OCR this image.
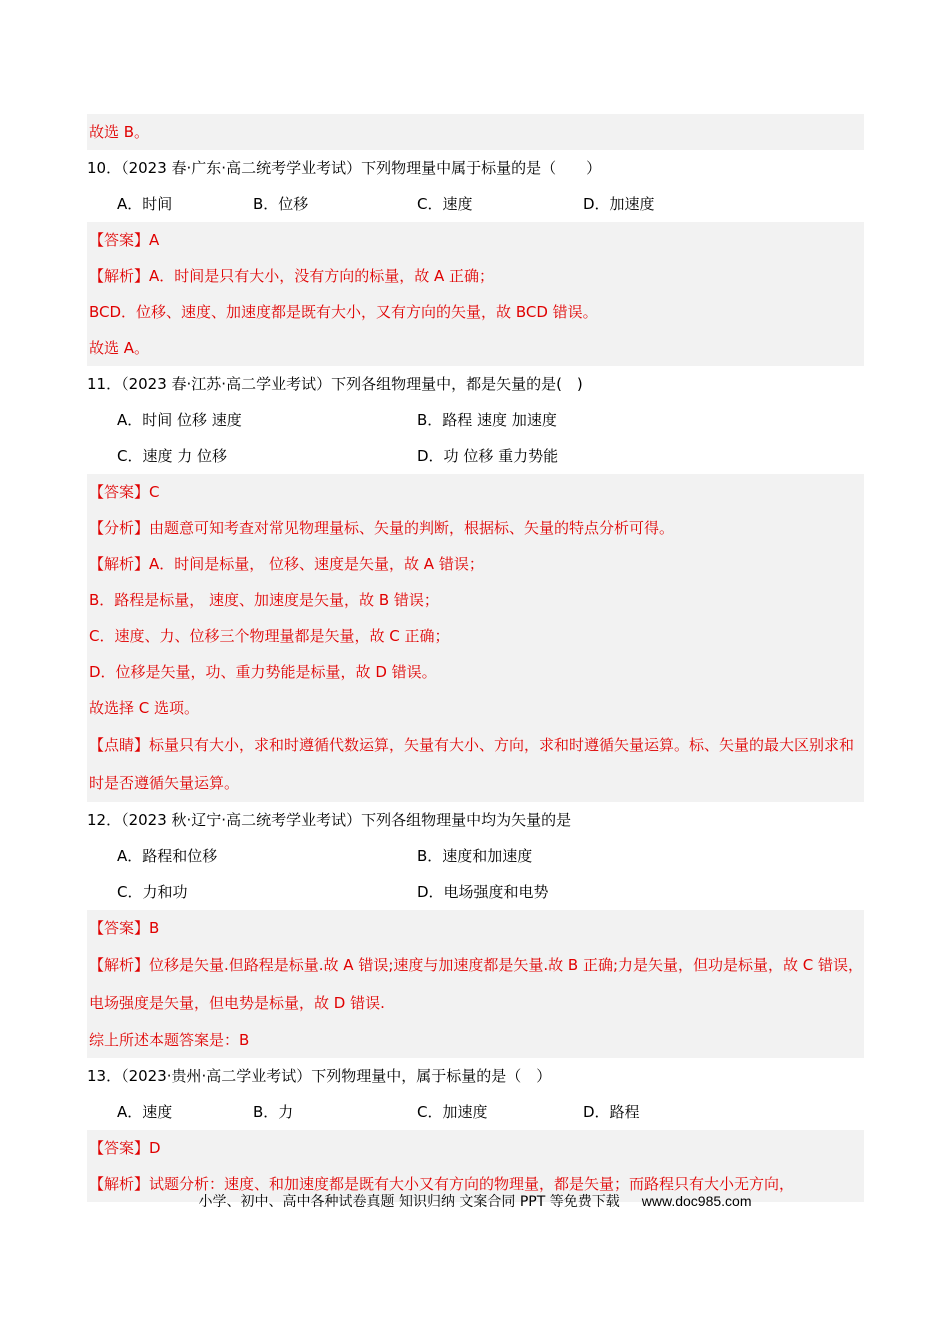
故选 B。
10．（2023 春·广东·高二统考学业考试）下列物理量中属于标量的是（　　）
A．时间	B．位移	C．速度	D．加速度
【答案】A
【解析】A．时间是只有大小，没有方向的标量，故 A 正确；
BCD．位移、速度、加速度都是既有大小，又有方向的矢量，故 BCD 错误。
故选 A。
11．（2023 春·江苏·高二学业考试）下列各组物理量中，都是矢量的是(　)
A．时间 位移 速度	B．路程 速度 加速度
C．速度 力 位移	D．功 位移 重力势能
【答案】C
【分析】由题意可知考查对常见物理量标、矢量的判断，根据标、矢量的特点分析可得。
【解析】A．时间是标量， 位移、速度是矢量，故 A 错误；
B．路程是标量， 速度、加速度是矢量，故 B 错误；
C．速度、力、位移三个物理量都是矢量，故 C 正确；
D．位移是矢量，功、重力势能是标量，故 D 错误。
故选择 C 选项。
【点睛】标量只有大小，求和时遵循代数运算，矢量有大小、方向，求和时遵循矢量运算。标、矢量的最大区别求和时是否遵循矢量运算。
12．（2023 秋·辽宁·高二统考学业考试）下列各组物理量中均为矢量的是
A．路程和位移	B．速度和加速度
C．力和功	D．电场强度和电势
【答案】B
【解析】位移是矢量.但路程是标量.故 A 错误;速度与加速度都是矢量.故 B 正确;力是矢量，但功是标量，故 C 错误，电场强度是矢量，但电势是标量，故 D 错误.
综上所述本题答案是：B
13．（2023·贵州·高二学业考试）下列物理量中，属于标量的是（　）
A．速度	B．力	C．加速度	D．路程
【答案】D
【解析】试题分析：速度、和加速度都是既有大小又有方向的物理量，都是矢量；而路程只有大小无方向，
小学、初中、高中各种试卷真题 知识归纳 文案合同 PPT 等免费下载 www.doc985.com
